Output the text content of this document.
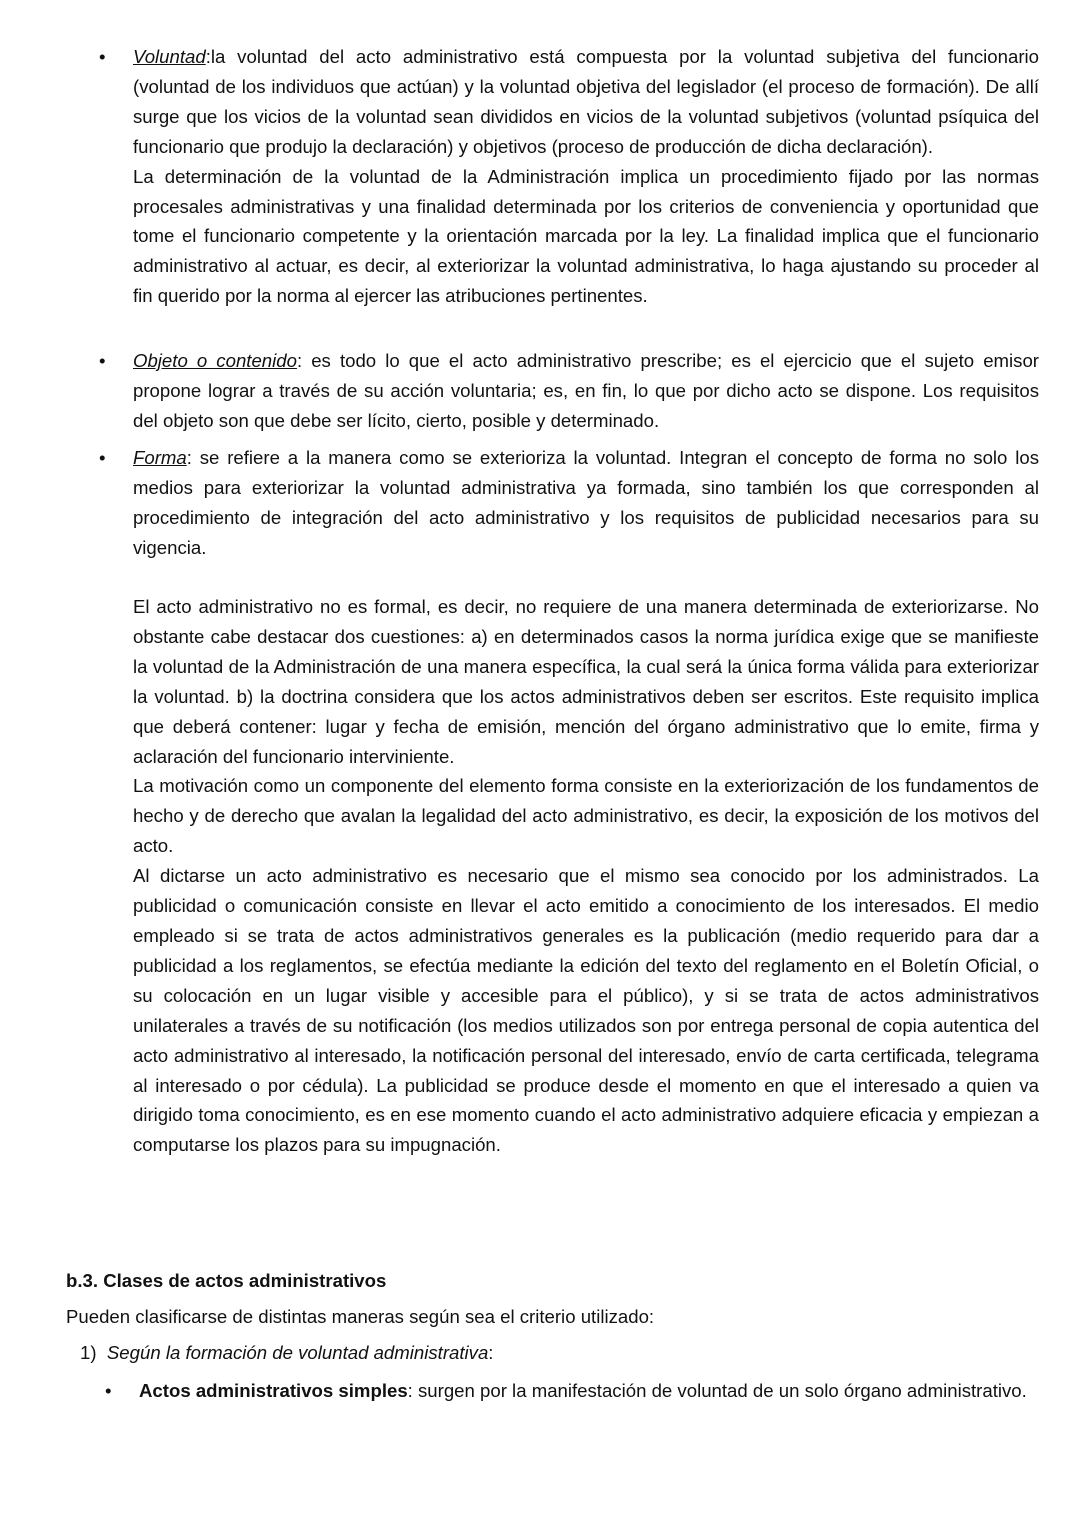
• Voluntad:la voluntad del acto administrativo está compuesta por la voluntad subjetiva del funcionario (voluntad de los individuos que actúan) y la voluntad objetiva del legislador (el proceso de formación). De allí surge que los vicios de la voluntad sean divididos en vicios de la voluntad subjetivos (voluntad psíquica del funcionario que produjo la declaración) y objetivos (proceso de producción de dicha declaración).

La determinación de la voluntad de la Administración implica un procedimiento fijado por las normas procesales administrativas y una finalidad determinada por los criterios de conveniencia y oportunidad que tome el funcionario competente y la orientación marcada por la ley. La finalidad implica que el funcionario administrativo al actuar, es decir, al exteriorizar la voluntad administrativa, lo haga ajustando su proceder al fin querido por la norma al ejercer las atribuciones pertinentes.

• Objeto o contenido: es todo lo que el acto administrativo prescribe; es el ejercicio que el sujeto emisor propone lograr a través de su acción voluntaria; es, en fin, lo que por dicho acto se dispone. Los requisitos del objeto son que debe ser lícito, cierto, posible y determinado.

• Forma: se refiere a la manera como se exterioriza la voluntad. Integran el concepto de forma no solo los medios para exteriorizar la voluntad administrativa ya formada, sino también los que corresponden al procedimiento de integración del acto administrativo y los requisitos de publicidad necesarios para su vigencia.

El acto administrativo no es formal, es decir, no requiere de una manera determinada de exteriorizarse. No obstante cabe destacar dos cuestiones: a) en determinados casos la norma jurídica exige que se manifieste la voluntad de la Administración de una manera específica, la cual será la única forma válida para exteriorizar la voluntad. b) la doctrina considera que los actos administrativos deben ser escritos. Este requisito implica que deberá contener: lugar y fecha de emisión, mención del órgano administrativo que lo emite, firma y aclaración del funcionario interviniente.

La motivación como un componente del elemento forma consiste en la exteriorización de los fundamentos de hecho y de derecho que avalan la legalidad del acto administrativo, es decir, la exposición de los motivos del acto.

Al dictarse un acto administrativo es necesario que el mismo sea conocido por los administrados. La publicidad o comunicación consiste en llevar el acto emitido a conocimiento de los interesados. El medio empleado si se trata de actos administrativos generales es la publicación (medio requerido para dar a publicidad a los reglamentos, se efectúa mediante la edición del texto del reglamento en el Boletín Oficial, o su colocación en un lugar visible y accesible para el público), y si se trata de actos administrativos unilaterales a través de su notificación (los medios utilizados son por entrega personal de copia autentica del acto administrativo al interesado, la notificación personal del interesado, envío de carta certificada, telegrama al interesado o por cédula). La publicidad se produce desde el momento en que el interesado a quien va dirigido toma conocimiento, es en ese momento cuando el acto administrativo adquiere eficacia y empiezan a computarse los plazos para su impugnación.

b.3. Clases de actos administrativos
Pueden clasificarse de distintas maneras según sea el criterio utilizado:
1) Según la formación de voluntad administrativa:
• Actos administrativos simples: surgen por la manifestación de voluntad de un solo órgano administrativo.
